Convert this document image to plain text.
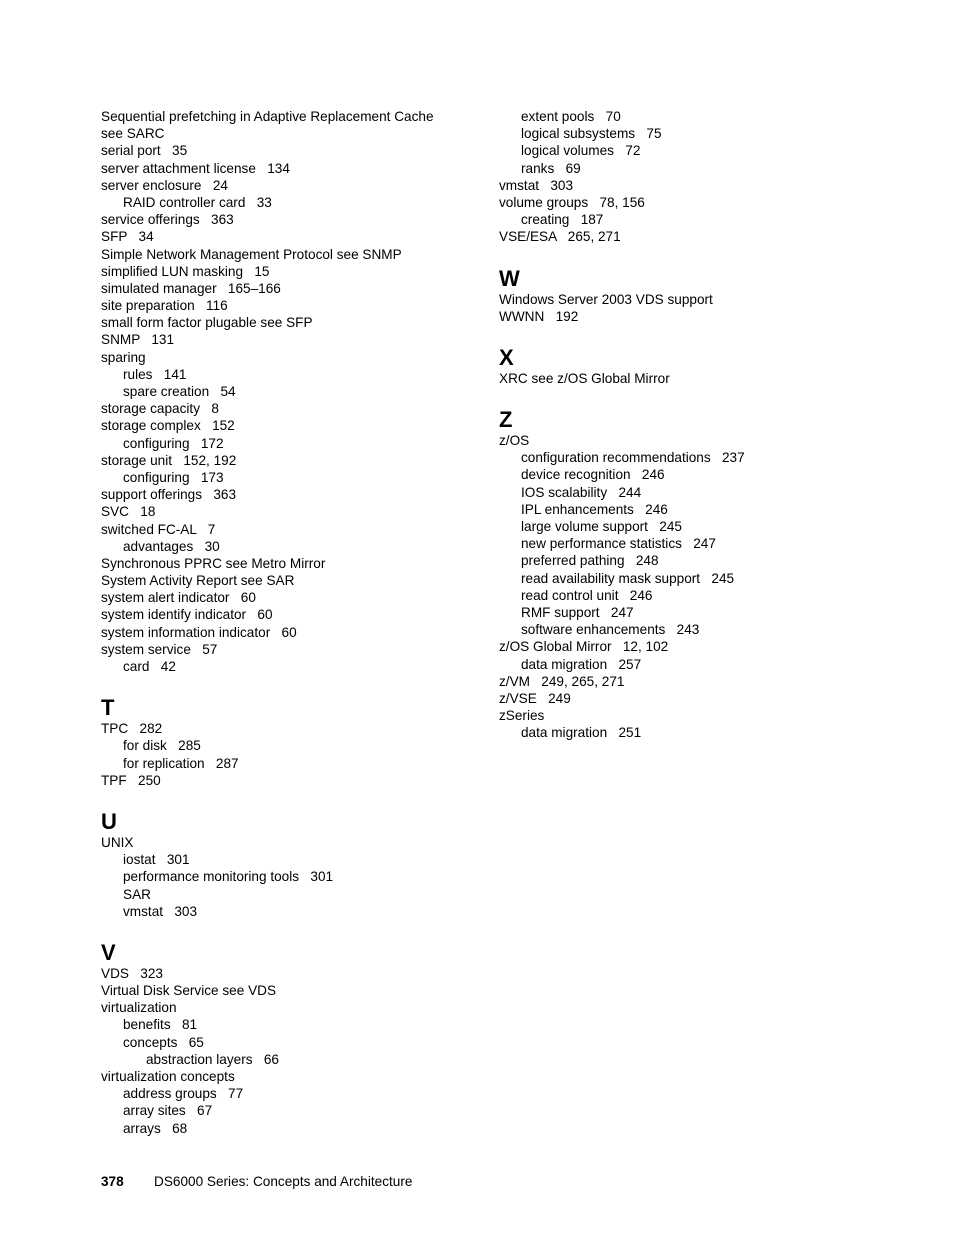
Sequential prefetching in Adaptive Replacement Cache
see SARC
serial port   35
server attachment license   134
server enclosure   24
RAID controller card   33
service offerings   363
SFP   34
Simple Network Management Protocol see SNMP
simplified LUN masking   15
simulated manager   165–166
site preparation   116
small form factor plugable see SFP
SNMP   131
sparing
rules   141
spare creation   54
storage capacity   8
storage complex   152
configuring   172
storage unit   152, 192
configuring   173
support offerings   363
SVC   18
switched FC-AL   7
advantages   30
Synchronous PPRC see Metro Mirror
System Activity Report see SAR
system alert indicator   60
system identify indicator   60
system information indicator   60
system service   57
card   42
T
TPC   282
for disk   285
for replication   287
TPF   250
U
UNIX
iostat   301
performance monitoring tools   301
SAR
vmstat   303
V
VDS   323
Virtual Disk Service see VDS
virtualization
benefits   81
concepts   65
abstraction layers   66
virtualization concepts
address groups   77
array sites   67
arrays   68
extent pools   70
logical subsystems   75
logical volumes   72
ranks   69
vmstat   303
volume groups   78, 156
creating   187
VSE/ESA   265, 271
W
Windows Server 2003 VDS support
WWNN   192
X
XRC see z/OS Global Mirror
Z
z/OS
configuration recommendations   237
device recognition   246
IOS scalability   244
IPL enhancements   246
large volume support   245
new performance statistics   247
preferred pathing   248
read availability mask support   245
read control unit   246
RMF support   247
software enhancements   243
z/OS Global Mirror   12, 102
data migration   257
z/VM   249, 265, 271
z/VSE   249
zSeries
data migration   251
378 DS6000 Series: Concepts and Architecture
